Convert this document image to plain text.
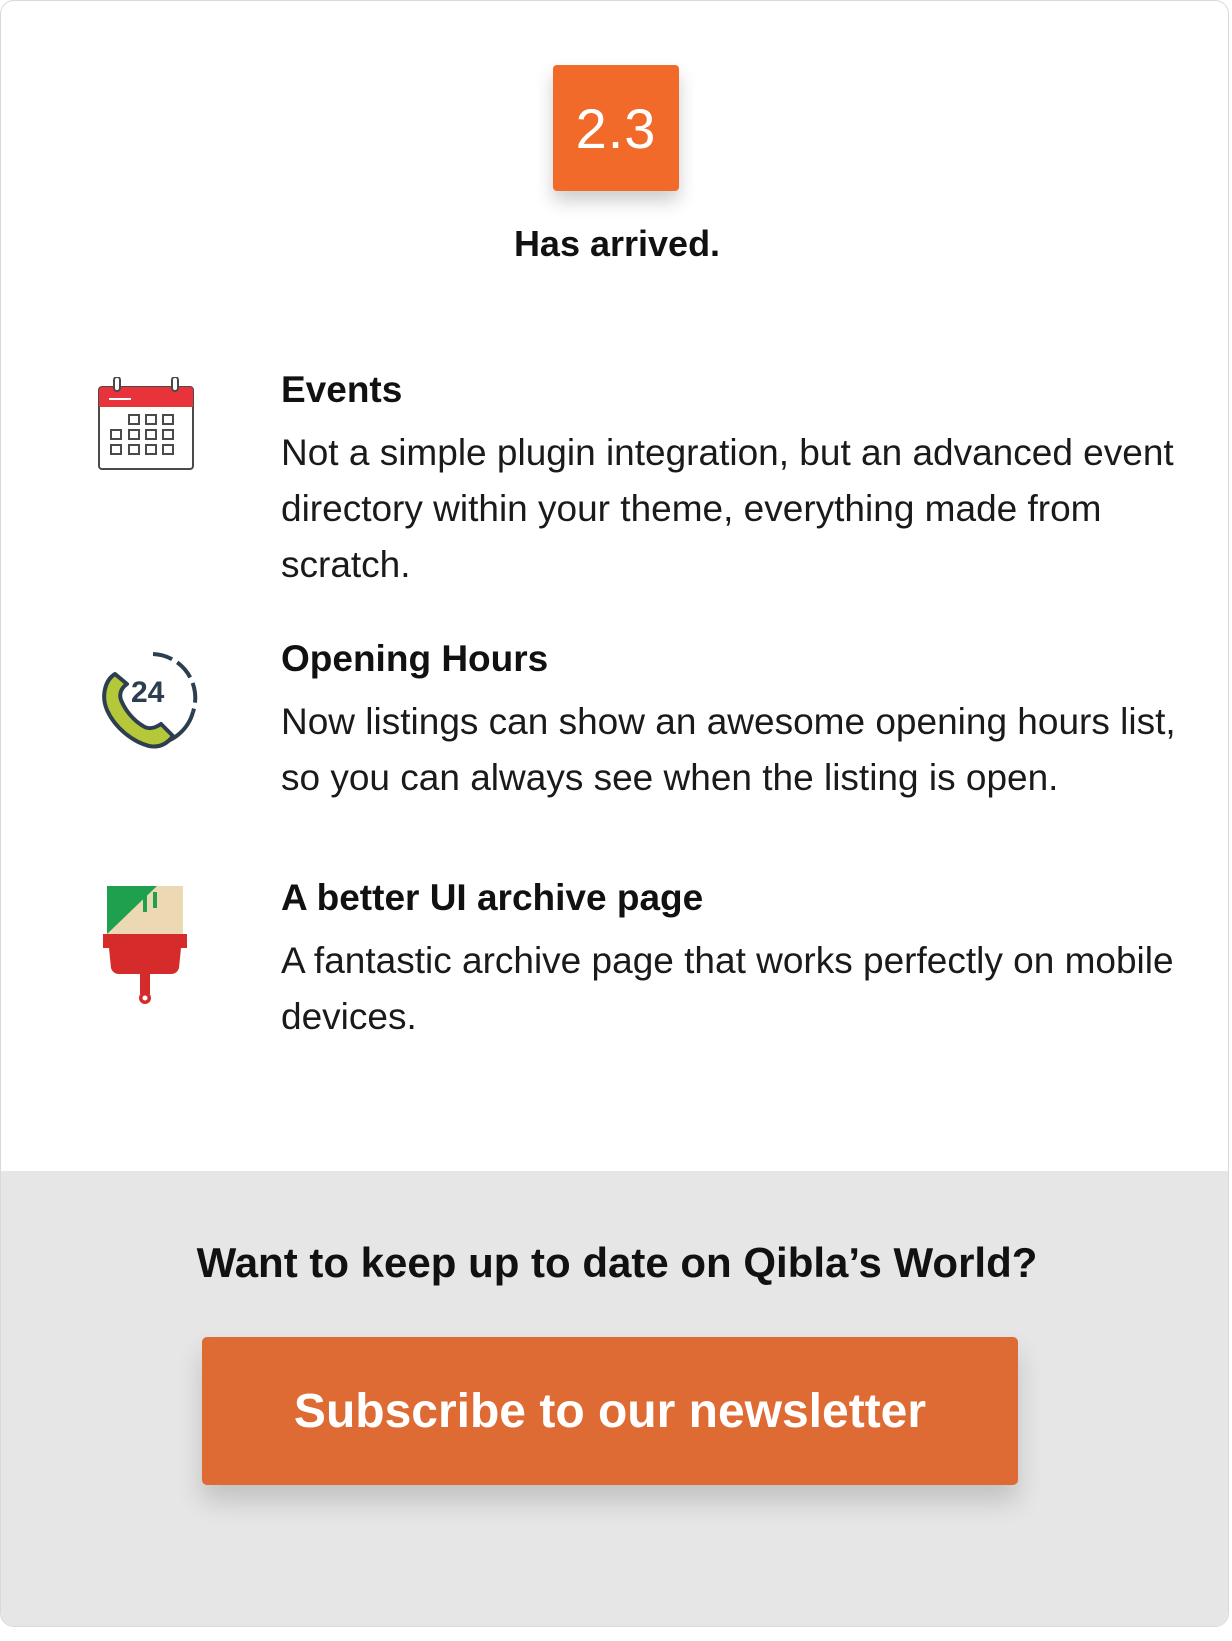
2.3
Has arrived.
Events
Not a simple plugin integration, but an advanced event directory within your theme, everything made from scratch.
24
Opening Hours
Now listings can show an awesome opening hours list, so you can always see when the listing is open.
A better UI archive page
A fantastic archive page that works perfectly on mobile devices.
Want to keep up to date on Qibla’s World?
Subscribe to our newsletter
